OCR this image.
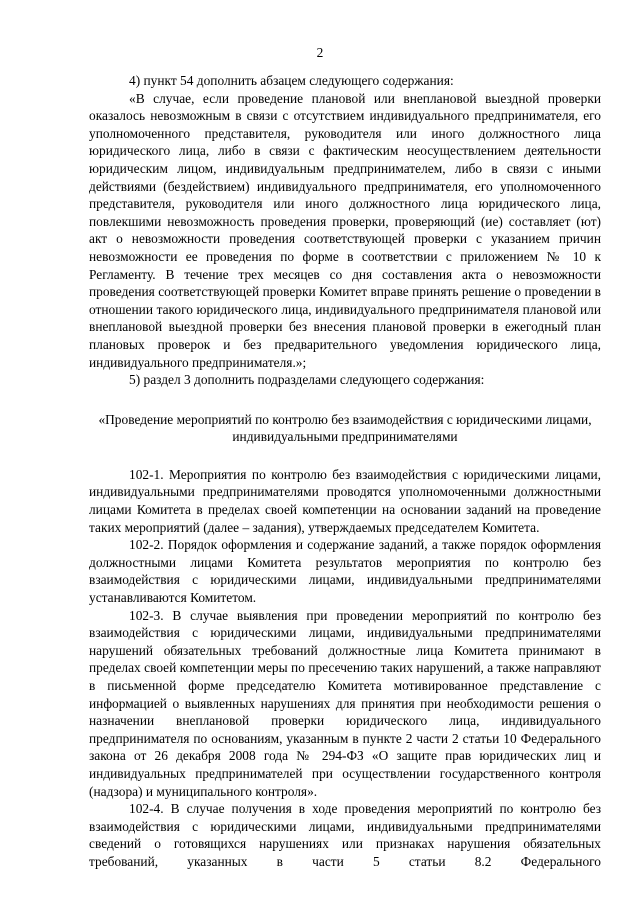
2

4) пункт 54 дополнить абзацем следующего содержания:

«В случае, если проведение плановой или внеплановой выездной проверки оказалось невозможным в связи с отсутствием индивидуального предпринимателя, его уполномоченного представителя, руководителя или иного должностного лица юридического лица, либо в связи с фактическим неосуществлением деятельности юридическим лицом, индивидуальным предпринимателем, либо в связи с иными действиями (бездействием) индивидуального предпринимателя, его уполномоченного представителя, руководителя или иного должностного лица юридического лица, повлекшими невозможность проведения проверки, проверяющий (ие) составляет (ют) акт о невозможности проведения соответствующей проверки с указанием причин невозможности ее проведения по форме в соответствии с приложением № 10 к Регламенту. В течение трех месяцев со дня составления акта о невозможности проведения соответствующей проверки Комитет вправе принять решение о проведении в отношении такого юридического лица, индивидуального предпринимателя плановой или внеплановой выездной проверки без внесения плановой проверки в ежегодный план плановых проверок и без предварительного уведомления юридического лица, индивидуального предпринимателя.»;

5) раздел 3 дополнить подразделами следующего содержания:

«Проведение мероприятий по контролю без взаимодействия с юридическими лицами, индивидуальными предпринимателями

102-1. Мероприятия по контролю без взаимодействия с юридическими лицами, индивидуальными предпринимателями проводятся уполномоченными должностными лицами Комитета в пределах своей компетенции на основании заданий на проведение таких мероприятий (далее – задания), утверждаемых председателем Комитета.

102-2. Порядок оформления и содержание заданий, а также порядок оформления должностными лицами Комитета результатов мероприятия по контролю без взаимодействия с юридическими лицами, индивидуальными предпринимателями устанавливаются Комитетом.

102-3. В случае выявления при проведении мероприятий по контролю без взаимодействия с юридическими лицами, индивидуальными предпринимателями нарушений обязательных требований должностные лица Комитета принимают в пределах своей компетенции меры по пресечению таких нарушений, а также направляют в письменной форме председателю Комитета мотивированное представление с информацией о выявленных нарушениях для принятия при необходимости решения о назначении внеплановой проверки юридического лица, индивидуального предпринимателя по основаниям, указанным в пункте 2 части 2 статьи 10 Федерального закона от 26 декабря 2008 года № 294-ФЗ «О защите прав юридических лиц и индивидуальных предпринимателей при осуществлении государственного контроля (надзора) и муниципального контроля».

102-4. В случае получения в ходе проведения мероприятий по контролю без взаимодействия с юридическими лицами, индивидуальными предпринимателями сведений о готовящихся нарушениях или признаках нарушения обязательных требований, указанных в части 5 статьи 8.2 Федерального
